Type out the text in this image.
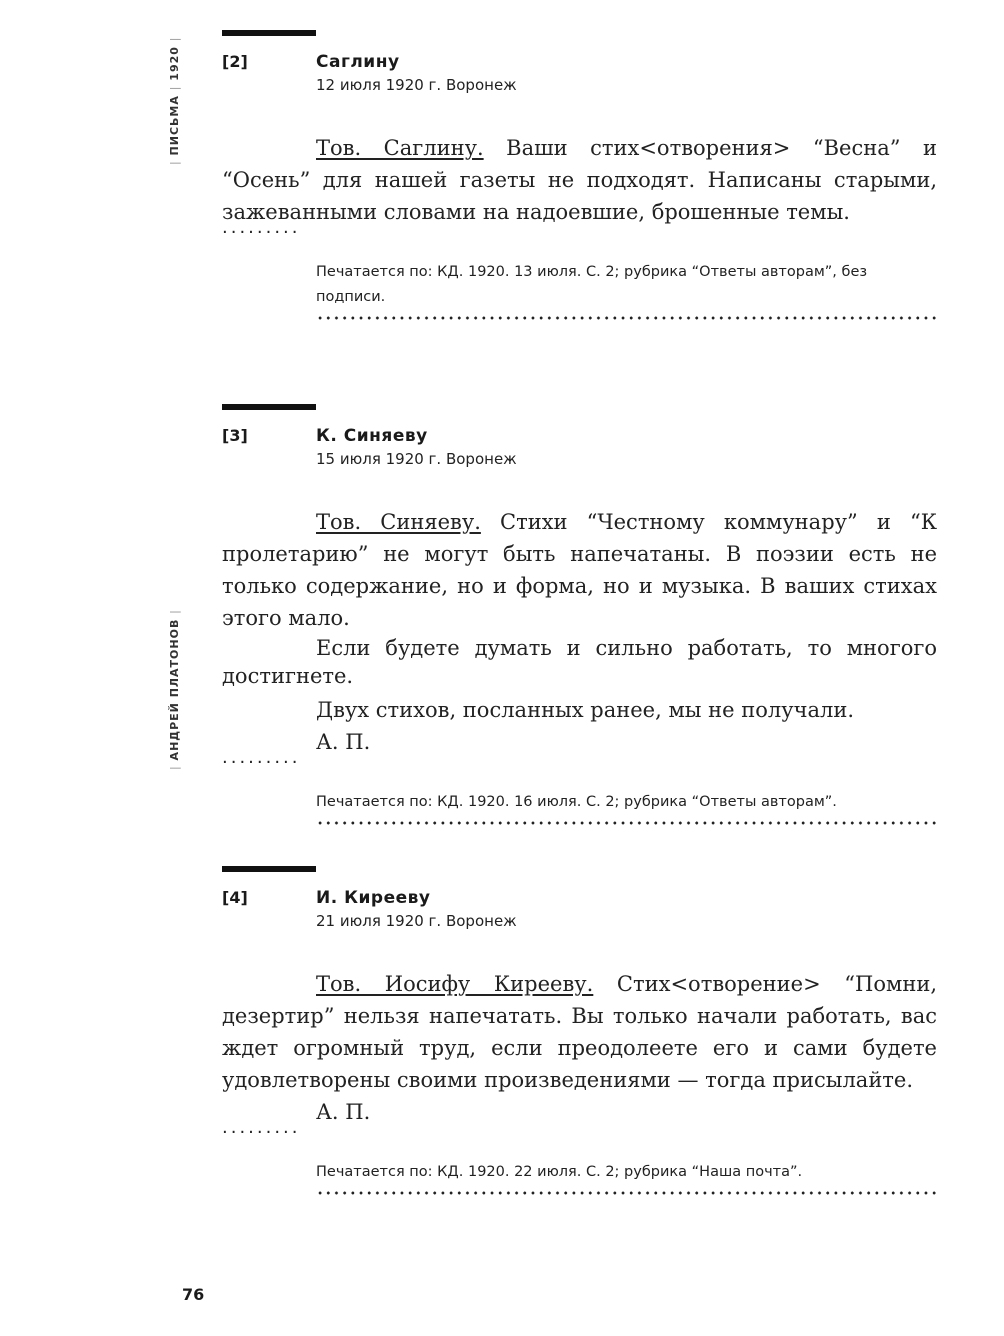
| ПИСЬМА | 1920 |
| АНДРЕЙ ПЛАТОНОВ |
[2]	Саглину
12 июля 1920 г. Воронеж

Тов. Саглину. Ваши стих<отворения> “Весна” и “Осень” для нашей газеты не подходят. Написаны старыми, зажеванными словами на надоевшие, брошенные темы.

·········
Печатается по: КД. 1920. 13 июля. С. 2; рубрика “Ответы авторам”, без подписи.
[3]	К. Синяеву
15 июля 1920 г. Воронеж

Тов. Синяеву. Стихи “Честному коммунару” и “К пролетарию” не могут быть напечатаны. В поэзии есть не только содержание, но и форма, но и музыка. В ваших стихах этого мало.

Если будете думать и сильно работать, то многого достигнете.

Двух стихов, посланных ранее, мы не получали.

А. П.

·········
Печатается по: КД. 1920. 16 июля. С. 2; рубрика “Ответы авторам”.
[4]	И. Кирееву
21 июля 1920 г. Воронеж

Тов. Иосифу Кирееву. Стих<отворение> “Помни, дезертир” нельзя напечатать. Вы только начали работать, вас ждет огромный труд, если преодолеете его и сами будете удовлетворены своими произведениями — тогда присылайте.

А. П.

·········
Печатается по: КД. 1920. 22 июля. С. 2; рубрика “Наша почта”.
76
